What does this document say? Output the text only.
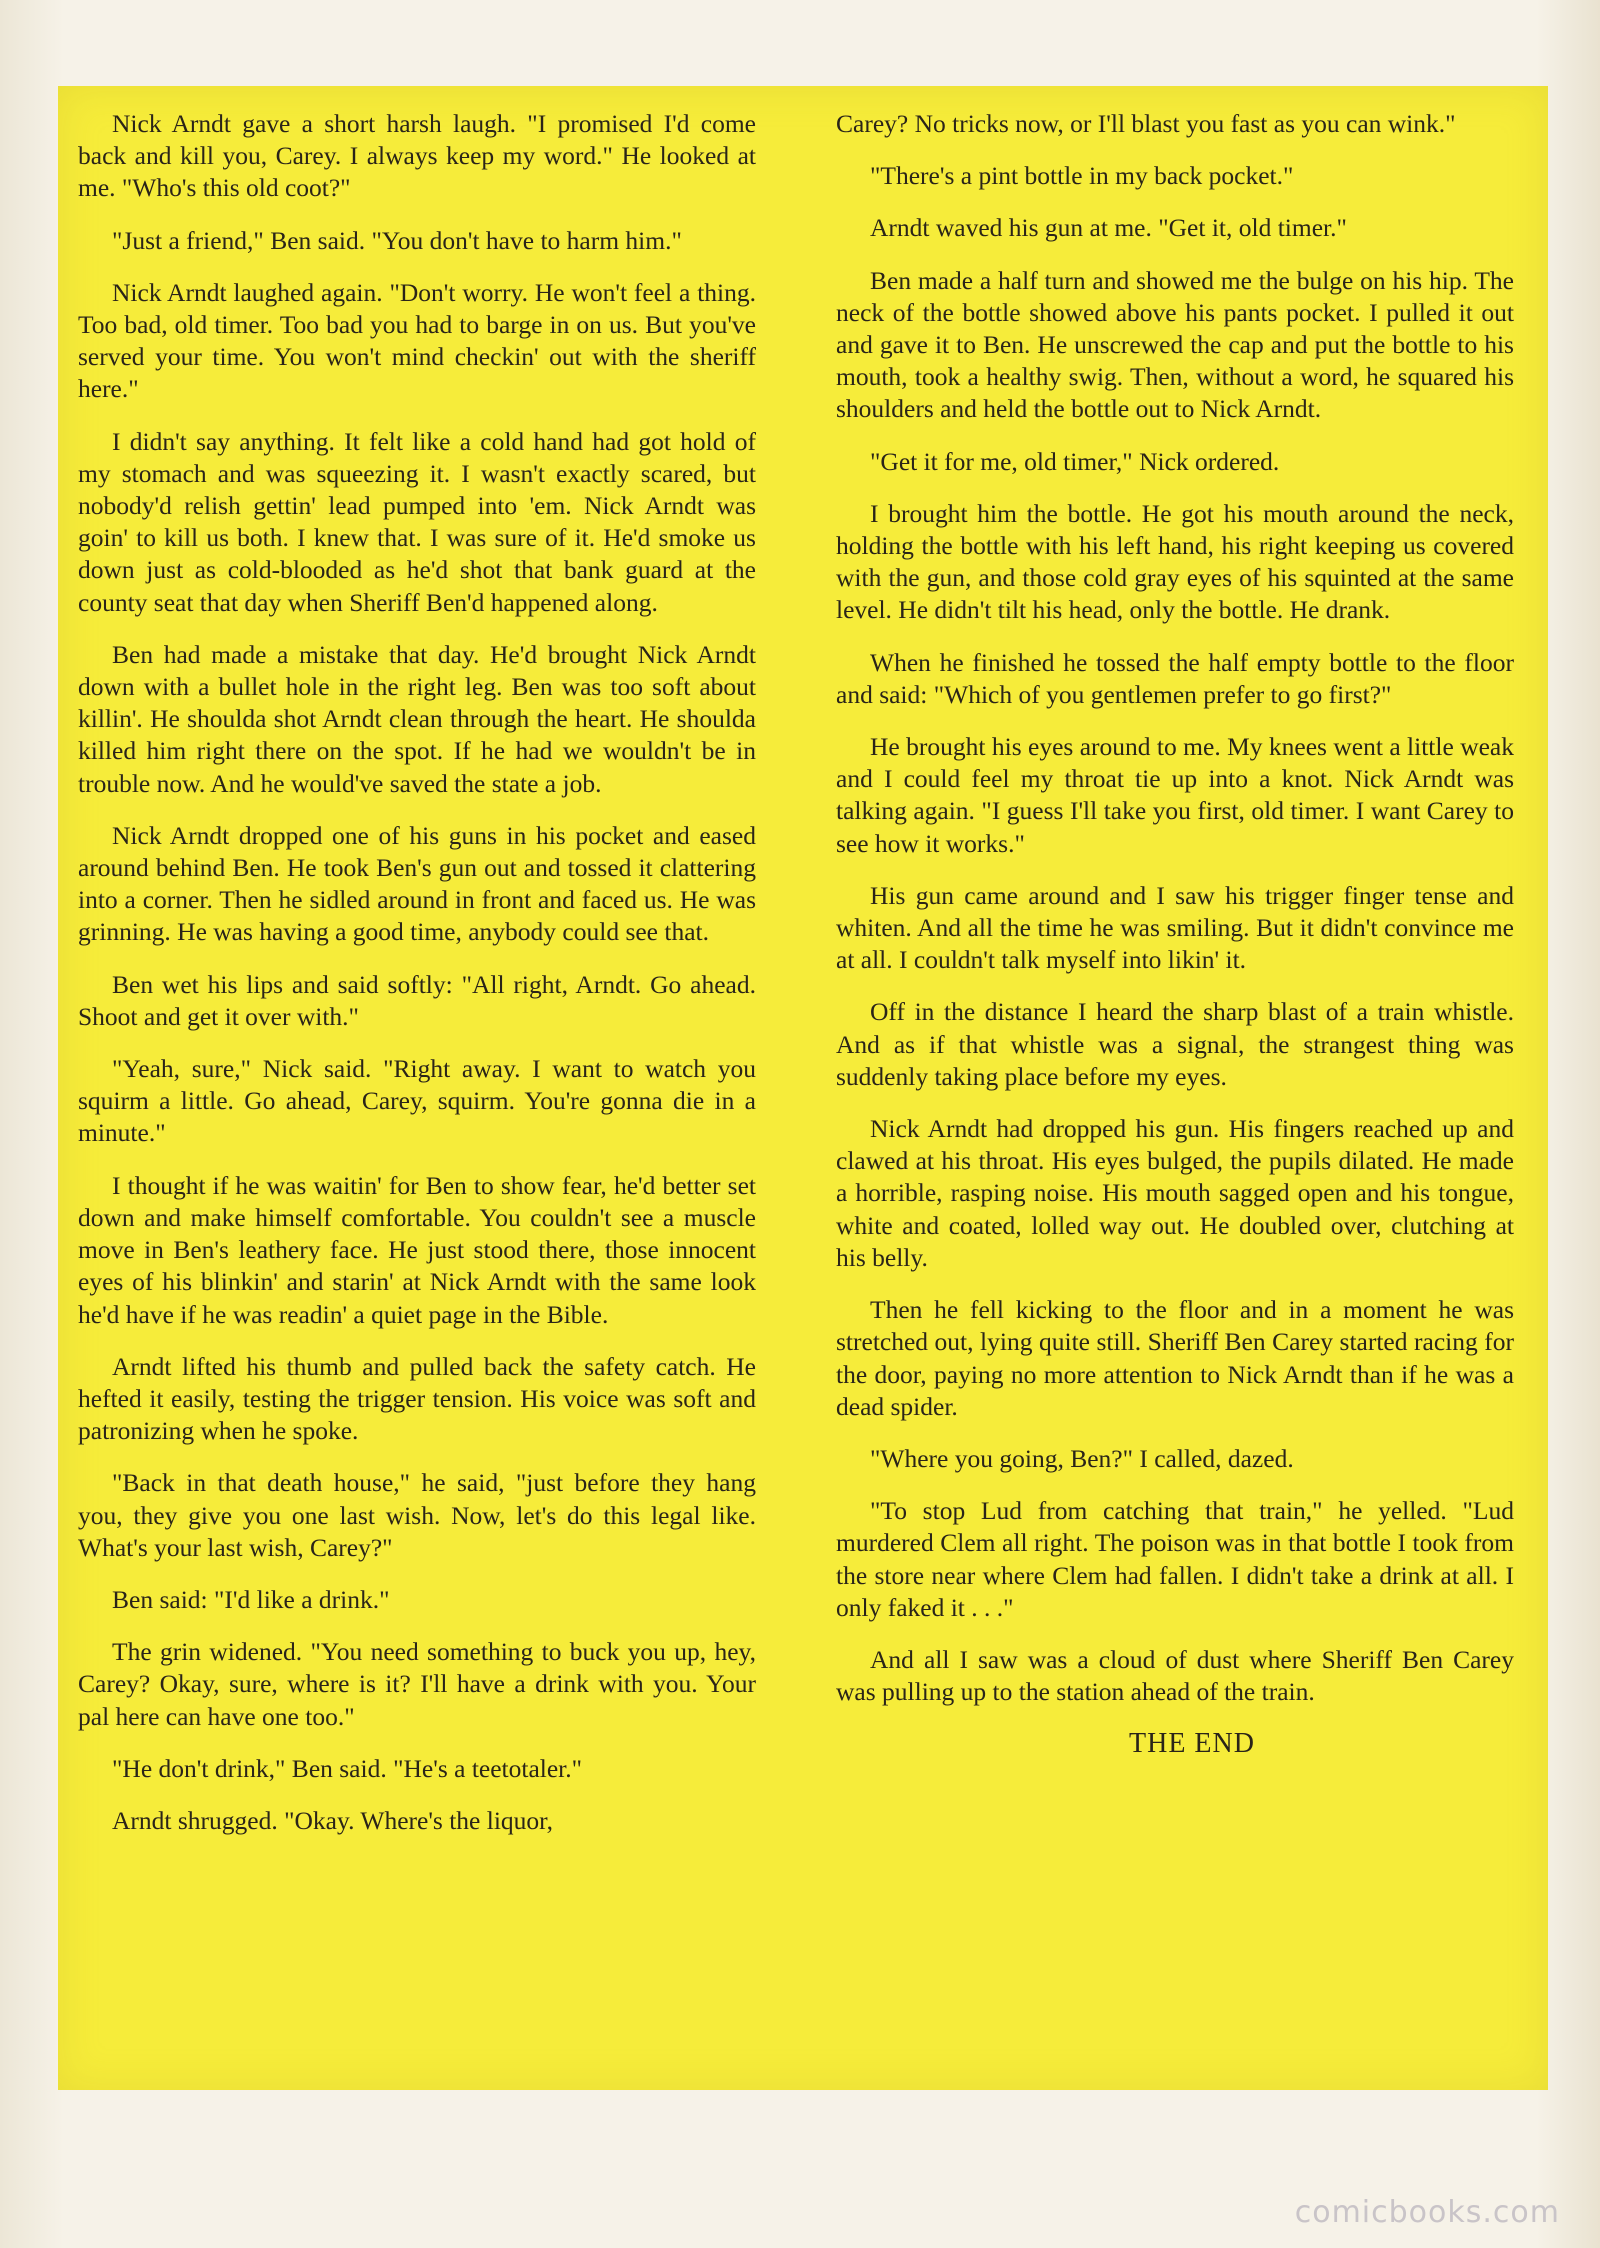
Nick Arndt gave a short harsh laugh. "I promised I'd come back and kill you, Carey. I always keep my word." He looked at me. "Who's this old coot?"

"Just a friend," Ben said. "You don't have to harm him."

Nick Arndt laughed again. "Don't worry. He won't feel a thing. Too bad, old timer. Too bad you had to barge in on us. But you've served your time. You won't mind checkin' out with the sheriff here."

I didn't say anything. It felt like a cold hand had got hold of my stomach and was squeezing it. I wasn't exactly scared, but nobody'd relish gettin' lead pumped into 'em. Nick Arndt was goin' to kill us both. I knew that. I was sure of it. He'd smoke us down just as cold-blooded as he'd shot that bank guard at the county seat that day when Sheriff Ben'd happened along.

Ben had made a mistake that day. He'd brought Nick Arndt down with a bullet hole in the right leg. Ben was too soft about killin'. He shoulda shot Arndt clean through the heart. He shoulda killed him right there on the spot. If he had we wouldn't be in trouble now. And he would've saved the state a job.

Nick Arndt dropped one of his guns in his pocket and eased around behind Ben. He took Ben's gun out and tossed it clattering into a corner. Then he sidled around in front and faced us. He was grinning. He was having a good time, anybody could see that.

Ben wet his lips and said softly: "All right, Arndt. Go ahead. Shoot and get it over with."

"Yeah, sure," Nick said. "Right away. I want to watch you squirm a little. Go ahead, Carey, squirm. You're gonna die in a minute."

I thought if he was waitin' for Ben to show fear, he'd better set down and make himself comfortable. You couldn't see a muscle move in Ben's leathery face. He just stood there, those innocent eyes of his blinkin' and starin' at Nick Arndt with the same look he'd have if he was readin' a quiet page in the Bible.

Arndt lifted his thumb and pulled back the safety catch. He hefted it easily, testing the trigger tension. His voice was soft and patronizing when he spoke.

"Back in that death house," he said, "just before they hang you, they give you one last wish. Now, let's do this legal like. What's your last wish, Carey?"

Ben said: "I'd like a drink."

The grin widened. "You need something to buck you up, hey, Carey? Okay, sure, where is it? I'll have a drink with you. Your pal here can have one too."

"He don't drink," Ben said. "He's a teetotaler."

Arndt shrugged. "Okay. Where's the liquor,

Carey? No tricks now, or I'll blast you fast as you can wink."

"There's a pint bottle in my back pocket."

Arndt waved his gun at me. "Get it, old timer."

Ben made a half turn and showed me the bulge on his hip. The neck of the bottle showed above his pants pocket. I pulled it out and gave it to Ben. He unscrewed the cap and put the bottle to his mouth, took a healthy swig. Then, without a word, he squared his shoulders and held the bottle out to Nick Arndt.

"Get it for me, old timer," Nick ordered.

I brought him the bottle. He got his mouth around the neck, holding the bottle with his left hand, his right keeping us covered with the gun, and those cold gray eyes of his squinted at the same level. He didn't tilt his head, only the bottle. He drank.

When he finished he tossed the half empty bottle to the floor and said: "Which of you gentlemen prefer to go first?"

He brought his eyes around to me. My knees went a little weak and I could feel my throat tie up into a knot. Nick Arndt was talking again. "I guess I'll take you first, old timer. I want Carey to see how it works."

His gun came around and I saw his trigger finger tense and whiten. And all the time he was smiling. But it didn't convince me at all. I couldn't talk myself into likin' it.

Off in the distance I heard the sharp blast of a train whistle. And as if that whistle was a signal, the strangest thing was suddenly taking place before my eyes.

Nick Arndt had dropped his gun. His fingers reached up and clawed at his throat. His eyes bulged, the pupils dilated. He made a horrible, rasping noise. His mouth sagged open and his tongue, white and coated, lolled way out. He doubled over, clutching at his belly.

Then he fell kicking to the floor and in a moment he was stretched out, lying quite still. Sheriff Ben Carey started racing for the door, paying no more attention to Nick Arndt than if he was a dead spider.

"Where you going, Ben?" I called, dazed.

"To stop Lud from catching that train," he yelled. "Lud murdered Clem all right. The poison was in that bottle I took from the store near where Clem had fallen. I didn't take a drink at all. I only faked it . . ."

And all I saw was a cloud of dust where Sheriff Ben Carey was pulling up to the station ahead of the train.

THE END

comicbooks.com
